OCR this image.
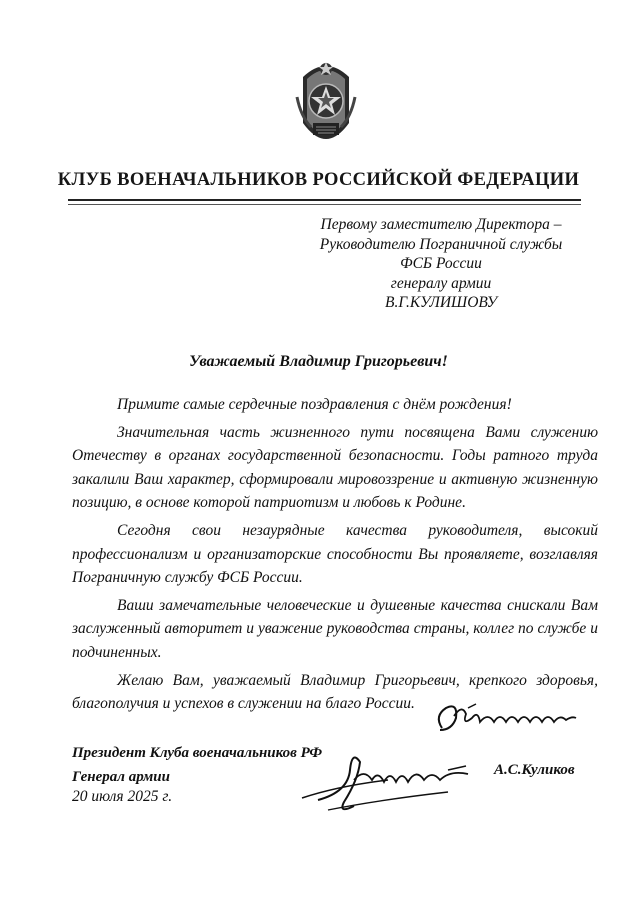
КЛУБ ВОЕНАЧАЛЬНИКОВ РОССИЙСКОЙ ФЕДЕРАЦИИ
Первому заместителю Директора –
Руководителю Пограничной службы
ФСБ России
генералу армии
В.Г.КУЛИШОВУ
Уважаемый Владимир Григорьевич!

Примите самые сердечные поздравления с днём рождения!

Значительная часть жизненного пути посвящена Вами служению Отечеству в органах государственной безопасности. Годы ратного труда закалили Ваш характер, сформировали мировоззрение и активную жизненную позицию, в основе которой патриотизм и любовь к Родине.

Сегодня свои незаурядные качества руководителя, высокий профессионализм и организаторские способности Вы проявляете, возглавляя Пограничную службу ФСБ России.

Ваши замечательные человеческие и душевные качества снискали Вам заслуженный авторитет и уважение руководства страны, коллег по службе и подчиненных.

Желаю Вам, уважаемый Владимир Григорьевич, крепкого здоровья, благополучия и успехов в служении на благо России.

Президент Клуба военачальников РФ
Генерал армии
20 июля 2025 г.
А.С.Куликов
